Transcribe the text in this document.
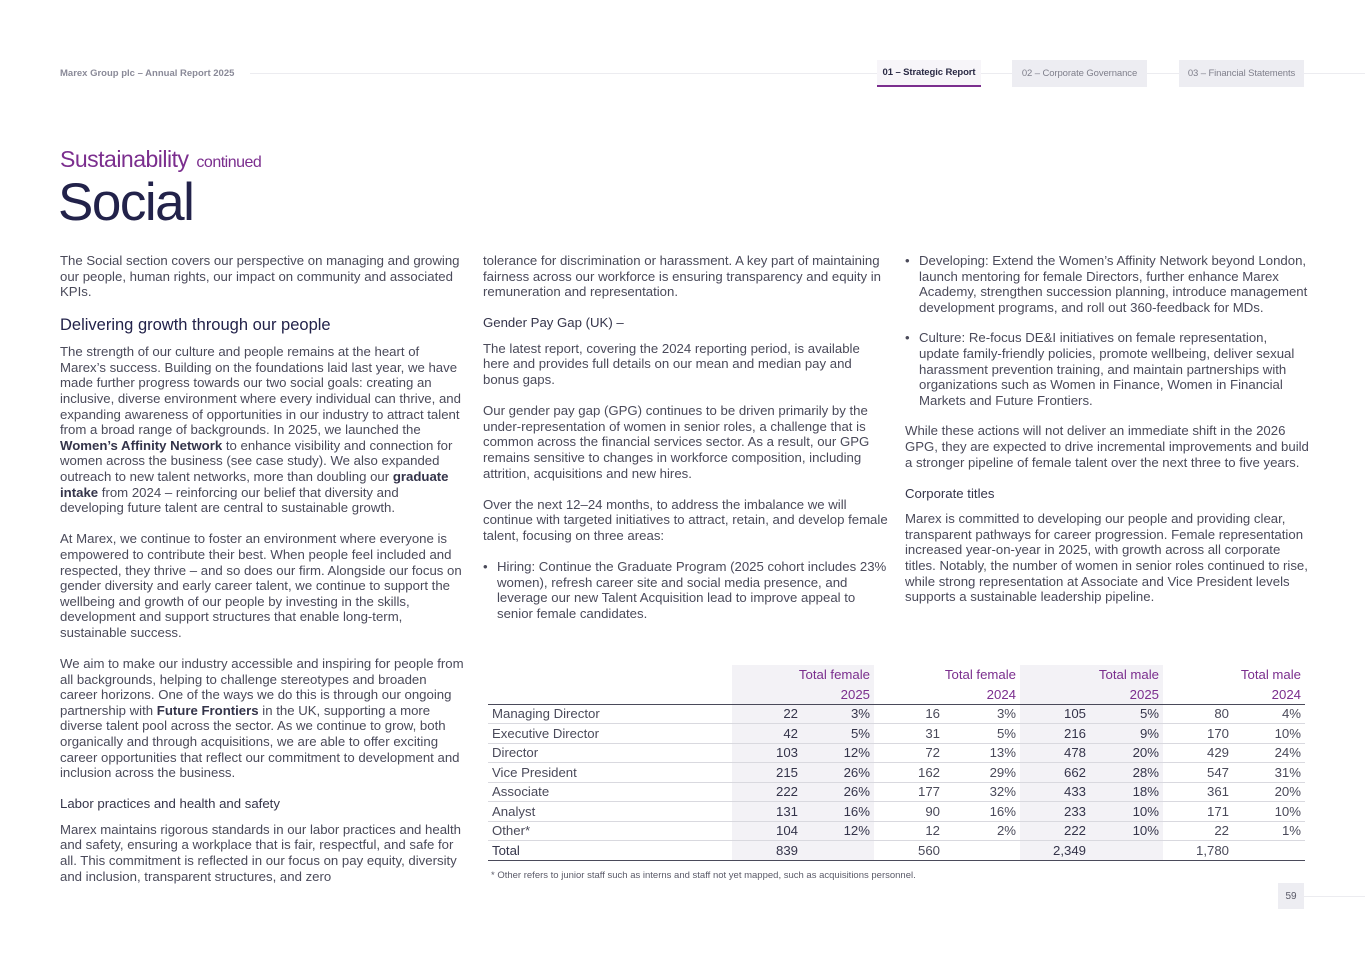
Marex Group plc – Annual Report 2025	01 – Strategic Report	02 – Corporate Governance	03 – Financial Statements
Sustainability continued
Social

The Social section covers our perspective on managing and growing our people, human rights, our impact on community and associated KPIs.

Delivering growth through our people

The strength of our culture and people remains at the heart of Marex’s success. Building on the foundations laid last year, we have made further progress towards our two social goals: creating an inclusive, diverse environment where every individual can thrive, and expanding awareness of opportunities in our industry to attract talent from a broad range of backgrounds. In 2025, we launched the Women’s Affinity Network to enhance visibility and connection for women across the business (see case study). We also expanded outreach to new talent networks, more than doubling our graduate intake from 2024 – reinforcing our belief that diversity and developing future talent are central to sustainable growth.

At Marex, we continue to foster an environment where everyone is empowered to contribute their best. When people feel included and respected, they thrive – and so does our firm. Alongside our focus on gender diversity and early career talent, we continue to support the wellbeing and growth of our people by investing in the skills, development and support structures that enable long-term, sustainable success.

We aim to make our industry accessible and inspiring for people from all backgrounds, helping to challenge stereotypes and broaden career horizons. One of the ways we do this is through our ongoing partnership with Future Frontiers in the UK, supporting a more diverse talent pool across the sector. As we continue to grow, both organically and through acquisitions, we are able to offer exciting career opportunities that reflect our commitment to development and inclusion across the business.

Labor practices and health and safety

Marex maintains rigorous standards in our labor practices and health and safety, ensuring a workplace that is fair, respectful, and safe for all. This commitment is reflected in our focus on pay equity, diversity and inclusion, transparent structures, and zero

tolerance for discrimination or harassment. A key part of maintaining fairness across our workforce is ensuring transparency and equity in remuneration and representation.

Gender Pay Gap (UK) –

The latest report, covering the 2024 reporting period, is available here and provides full details on our mean and median pay and bonus gaps.

Our gender pay gap (GPG) continues to be driven primarily by the under-representation of women in senior roles, a challenge that is common across the financial services sector. As a result, our GPG remains sensitive to changes in workforce composition, including attrition, acquisitions and new hires.

Over the next 12–24 months, to address the imbalance we will continue with targeted initiatives to attract, retain, and develop female talent, focusing on three areas:

• Hiring: Continue the Graduate Program (2025 cohort includes 23% women), refresh career site and social media presence, and leverage our new Talent Acquisition lead to improve appeal to senior female candidates.
• Developing: Extend the Women’s Affinity Network beyond London, launch mentoring for female Directors, further enhance Marex Academy, strengthen succession planning, introduce management development programs, and roll out 360-feedback for MDs.
• Culture: Re-focus DE&I initiatives on female representation, update family-friendly policies, promote wellbeing, deliver sexual harassment prevention training, and maintain partnerships with organizations such as Women in Finance, Women in Financial Markets and Future Frontiers.

While these actions will not deliver an immediate shift in the 2026 GPG, they are expected to drive incremental improvements and build a stronger pipeline of female talent over the next three to five years.

Corporate titles

Marex is committed to developing our people and providing clear, transparent pathways for career progression. Female representation increased year-on-year in 2025, with growth across all corporate titles. Notably, the number of women in senior roles continued to rise, while strong representation at Associate and Vice President levels supports a sustainable leadership pipeline.

	Total female		Total female		Total male		Total male	
	2025		2024		2025		2024	
Managing Director	22	3%	16	3%	105	5%	80	4%
Executive Director	42	5%	31	5%	216	9%	170	10%
Director	103	12%	72	13%	478	20%	429	24%
Vice President	215	26%	162	29%	662	28%	547	31%
Associate	222	26%	177	32%	433	18%	361	20%
Analyst	131	16%	90	16%	233	10%	171	10%
Other*	104	12%	12	2%	222	10%	22	1%
Total	839		560		2,349		1,780	
* Other refers to junior staff such as interns and staff not yet mapped, such as acquisitions personnel.
59
